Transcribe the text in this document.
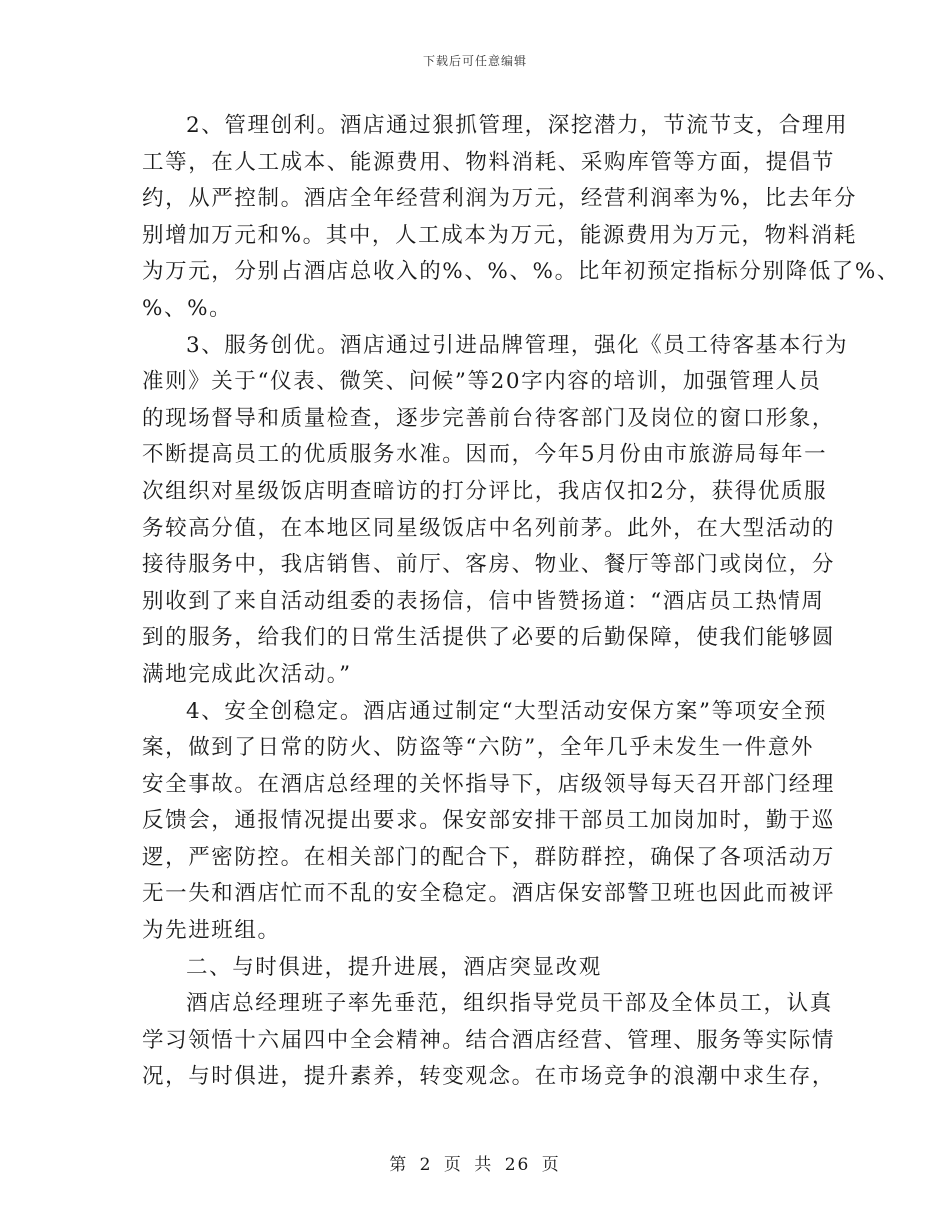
下载后可任意编辑
2、管理创利。酒店通过狠抓管理，深挖潜力，节流节支，合理用
工等，在人工成本、能源费用、物料消耗、采购库管等方面，提倡节
约，从严控制。酒店全年经营利润为万元，经营利润率为%，比去年分
别增加万元和%。其中，人工成本为万元，能源费用为万元，物料消耗
为万元，分别占酒店总收入的%、%、%。比年初预定指标分别降低了%、
%、%。
3、服务创优。酒店通过引进品牌管理，强化《员工待客基本行为
准则》关于“仪表、微笑、问候”等20字内容的培训，加强管理人员
的现场督导和质量检查，逐步完善前台待客部门及岗位的窗口形象，
不断提高员工的优质服务水准。因而，今年5月份由市旅游局每年一
次组织对星级饭店明查暗访的打分评比，我店仅扣2分，获得优质服
务较高分值，在本地区同星级饭店中名列前茅。此外，在大型活动的
接待服务中，我店销售、前厅、客房、物业、餐厅等部门或岗位，分
别收到了来自活动组委的表扬信，信中皆赞扬道：“酒店员工热情周
到的服务，给我们的日常生活提供了必要的后勤保障，使我们能够圆
满地完成此次活动。”
4、安全创稳定。酒店通过制定“大型活动安保方案”等项安全预
案，做到了日常的防火、防盗等“六防”，全年几乎未发生一件意外
安全事故。在酒店总经理的关怀指导下，店级领导每天召开部门经理
反馈会，通报情况提出要求。保安部安排干部员工加岗加时，勤于巡
逻，严密防控。在相关部门的配合下，群防群控，确保了各项活动万
无一失和酒店忙而不乱的安全稳定。酒店保安部警卫班也因此而被评
为先进班组。
二、与时俱进，提升进展，酒店突显改观
酒店总经理班子率先垂范，组织指导党员干部及全体员工，认真
学习领悟十六届四中全会精神。结合酒店经营、管理、服务等实际情
况，与时俱进，提升素养，转变观念。在市场竞争的浪潮中求生存，
第 2 页 共 26 页
